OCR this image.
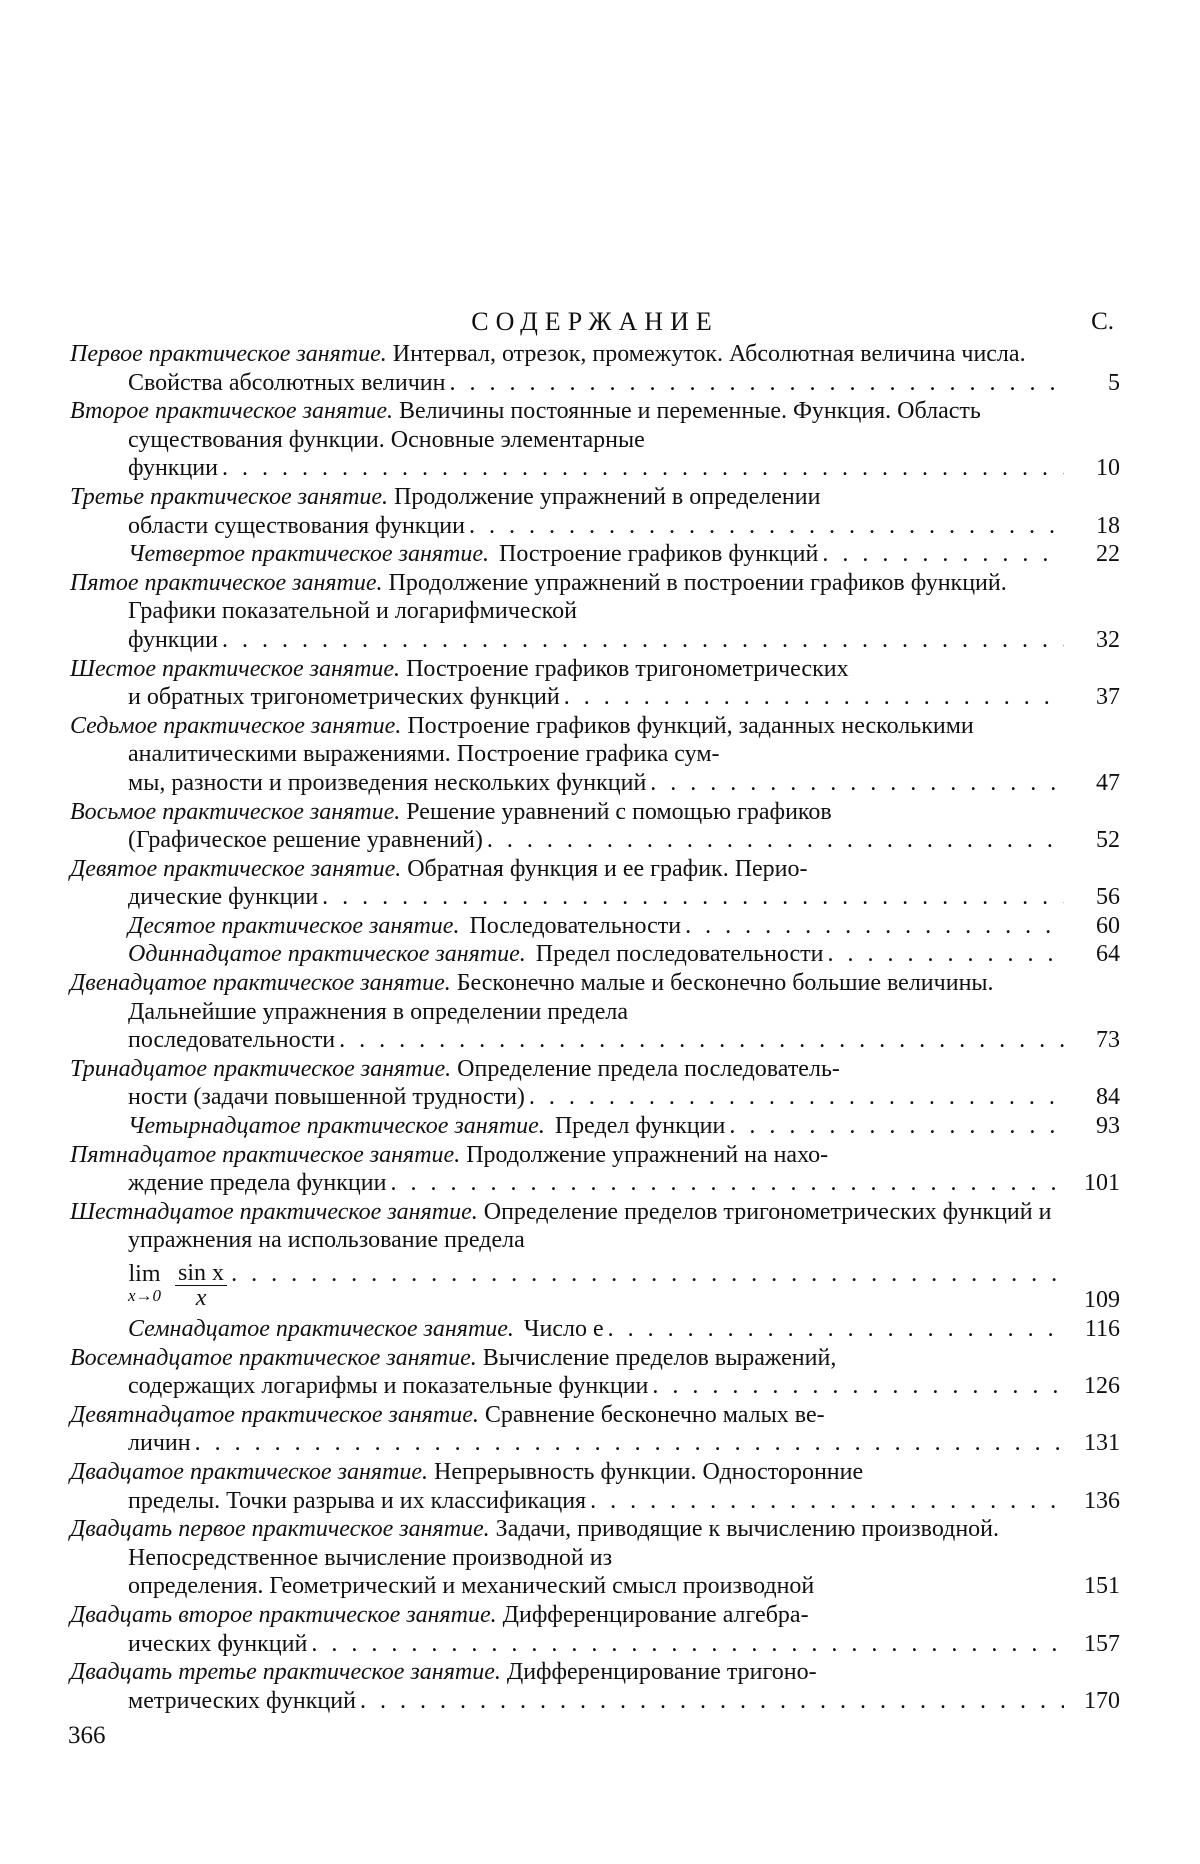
СОДЕРЖАНИЕ	С.
Первое практическое занятие. Интервал, отрезок, промежуток. Абсолютная величина числа.
Свойства абсолютных величин . . .	5
Второе практическое занятие. Величины постоянные и переменные. Функция. Область существования функции. Основные элементарные
функции . . .	10
Третье практическое занятие. Продолжение упражнений в определении
области существования функции . . .	18
Четвертое практическое занятие. Построение графиков функций . . .	22
Пятое практическое занятие. Продолжение упражнений в построении графиков функций. Графики показательной и логарифмической
функции . . .	32
Шестое практическое занятие. Построение графиков тригонометрических
и обратных тригонометрических функций . . .	37
Седьмое практическое занятие. Построение графиков функций, заданных несколькими аналитическими выражениями. Построение графика сум-
мы, разности и произведения нескольких функций . . .	47
Восьмое практическое занятие. Решение уравнений с помощью графиков
(Графическое решение уравнений) . . .	52
Девятое практическое занятие. Обратная функция и ее график. Перио-
дические функции . . .	56
Десятое практическое занятие. Последовательности . . .	60
Одиннадцатое практическое занятие. Предел последовательности . . .	64
Двенадцатое практическое занятие. Бесконечно малые и бесконечно большие величины. Дальнейшие упражнения в определении предела
последовательности . . .	73
Тринадцатое практическое занятие. Определение предела последователь-
ности (задачи повышенной трудности) . . .	84
Четырнадцатое практическое занятие. Предел функции . . .	93
Пятнадцатое практическое занятие. Продолжение упражнений на нахо-
ждение предела функции . . .	101
Шестнадцатое практическое занятие. Определение пределов тригонометрических функций и упражнения на использование предела
lim
$x\to 0 \frac{\text{sin x}}{x}$
. . .	109
Семнадцатое практическое занятие. Число e . . .	116
Восемнадцатое практическое занятие. Вычисление пределов выражений,
содержащих логарифмы и показательные функции . . .	126
Девятнадцатое практическое занятие. Сравнение бесконечно малых ве-
личин . . .	131
Двадцатое практическое занятие. Непрерывность функции. Односторонние
пределы. Точки разрыва и их классификация . . .	136
Двадцать первое практическое занятие. Задачи, приводящие к вычислению производной. Непосредственное вычисление производной из
определения. Геометрический и механический смысл производной	151
Двадцать второе практическое занятие. Дифференцирование алгебра-
ических функций . . .	157
Двадцать третье практическое занятие. Дифференцирование тригоно-
метрических функций . . .	170
366
